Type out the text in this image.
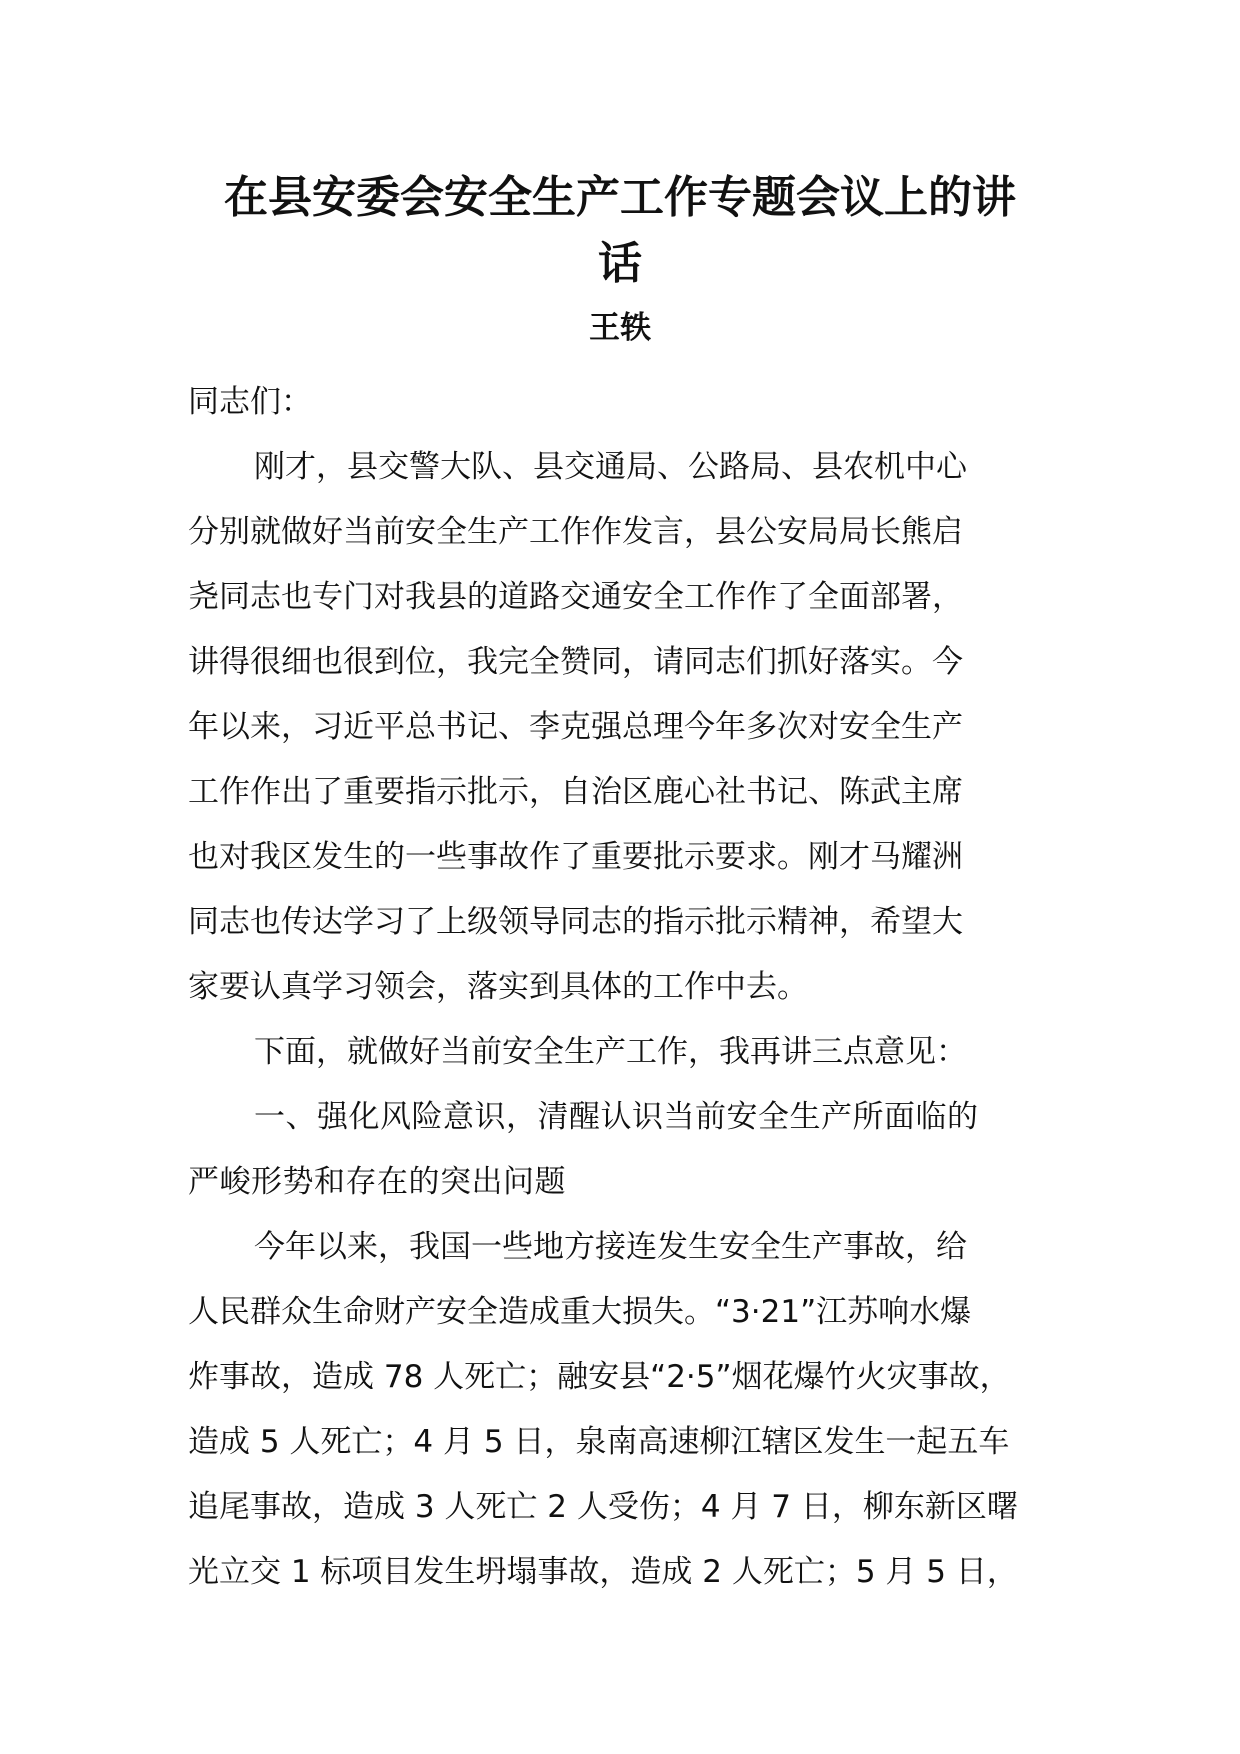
在县安委会安全生产工作专题会议上的讲
话
王轶

同志们：

刚才，县交警大队、县交通局、公路局、县农机中心

分别就做好当前安全生产工作作发言，县公安局局长熊启

尧同志也专门对我县的道路交通安全工作作了全面部署，

讲得很细也很到位，我完全赞同，请同志们抓好落实。今

年以来，习近平总书记、李克强总理今年多次对安全生产

工作作出了重要指示批示，自治区鹿心社书记、陈武主席

也对我区发生的一些事故作了重要批示要求。刚才马耀洲

同志也传达学习了上级领导同志的指示批示精神，希望大

家要认真学习领会，落实到具体的工作中去。

下面，就做好当前安全生产工作，我再讲三点意见：

一、强化风险意识，清醒认识当前安全生产所面临的

严峻形势和存在的突出问题

今年以来，我国一些地方接连发生安全生产事故，给

人民群众生命财产安全造成重大损失。“3·21”江苏响水爆

炸事故，造成 78 人死亡；融安县“2·5”烟花爆竹火灾事故，

造成 5 人死亡；4 月 5 日，泉南高速柳江辖区发生一起五车

追尾事故，造成 3 人死亡 2 人受伤；4 月 7 日，柳东新区曙

光立交 1 标项目发生坍塌事故，造成 2 人死亡；5 月 5 日，
